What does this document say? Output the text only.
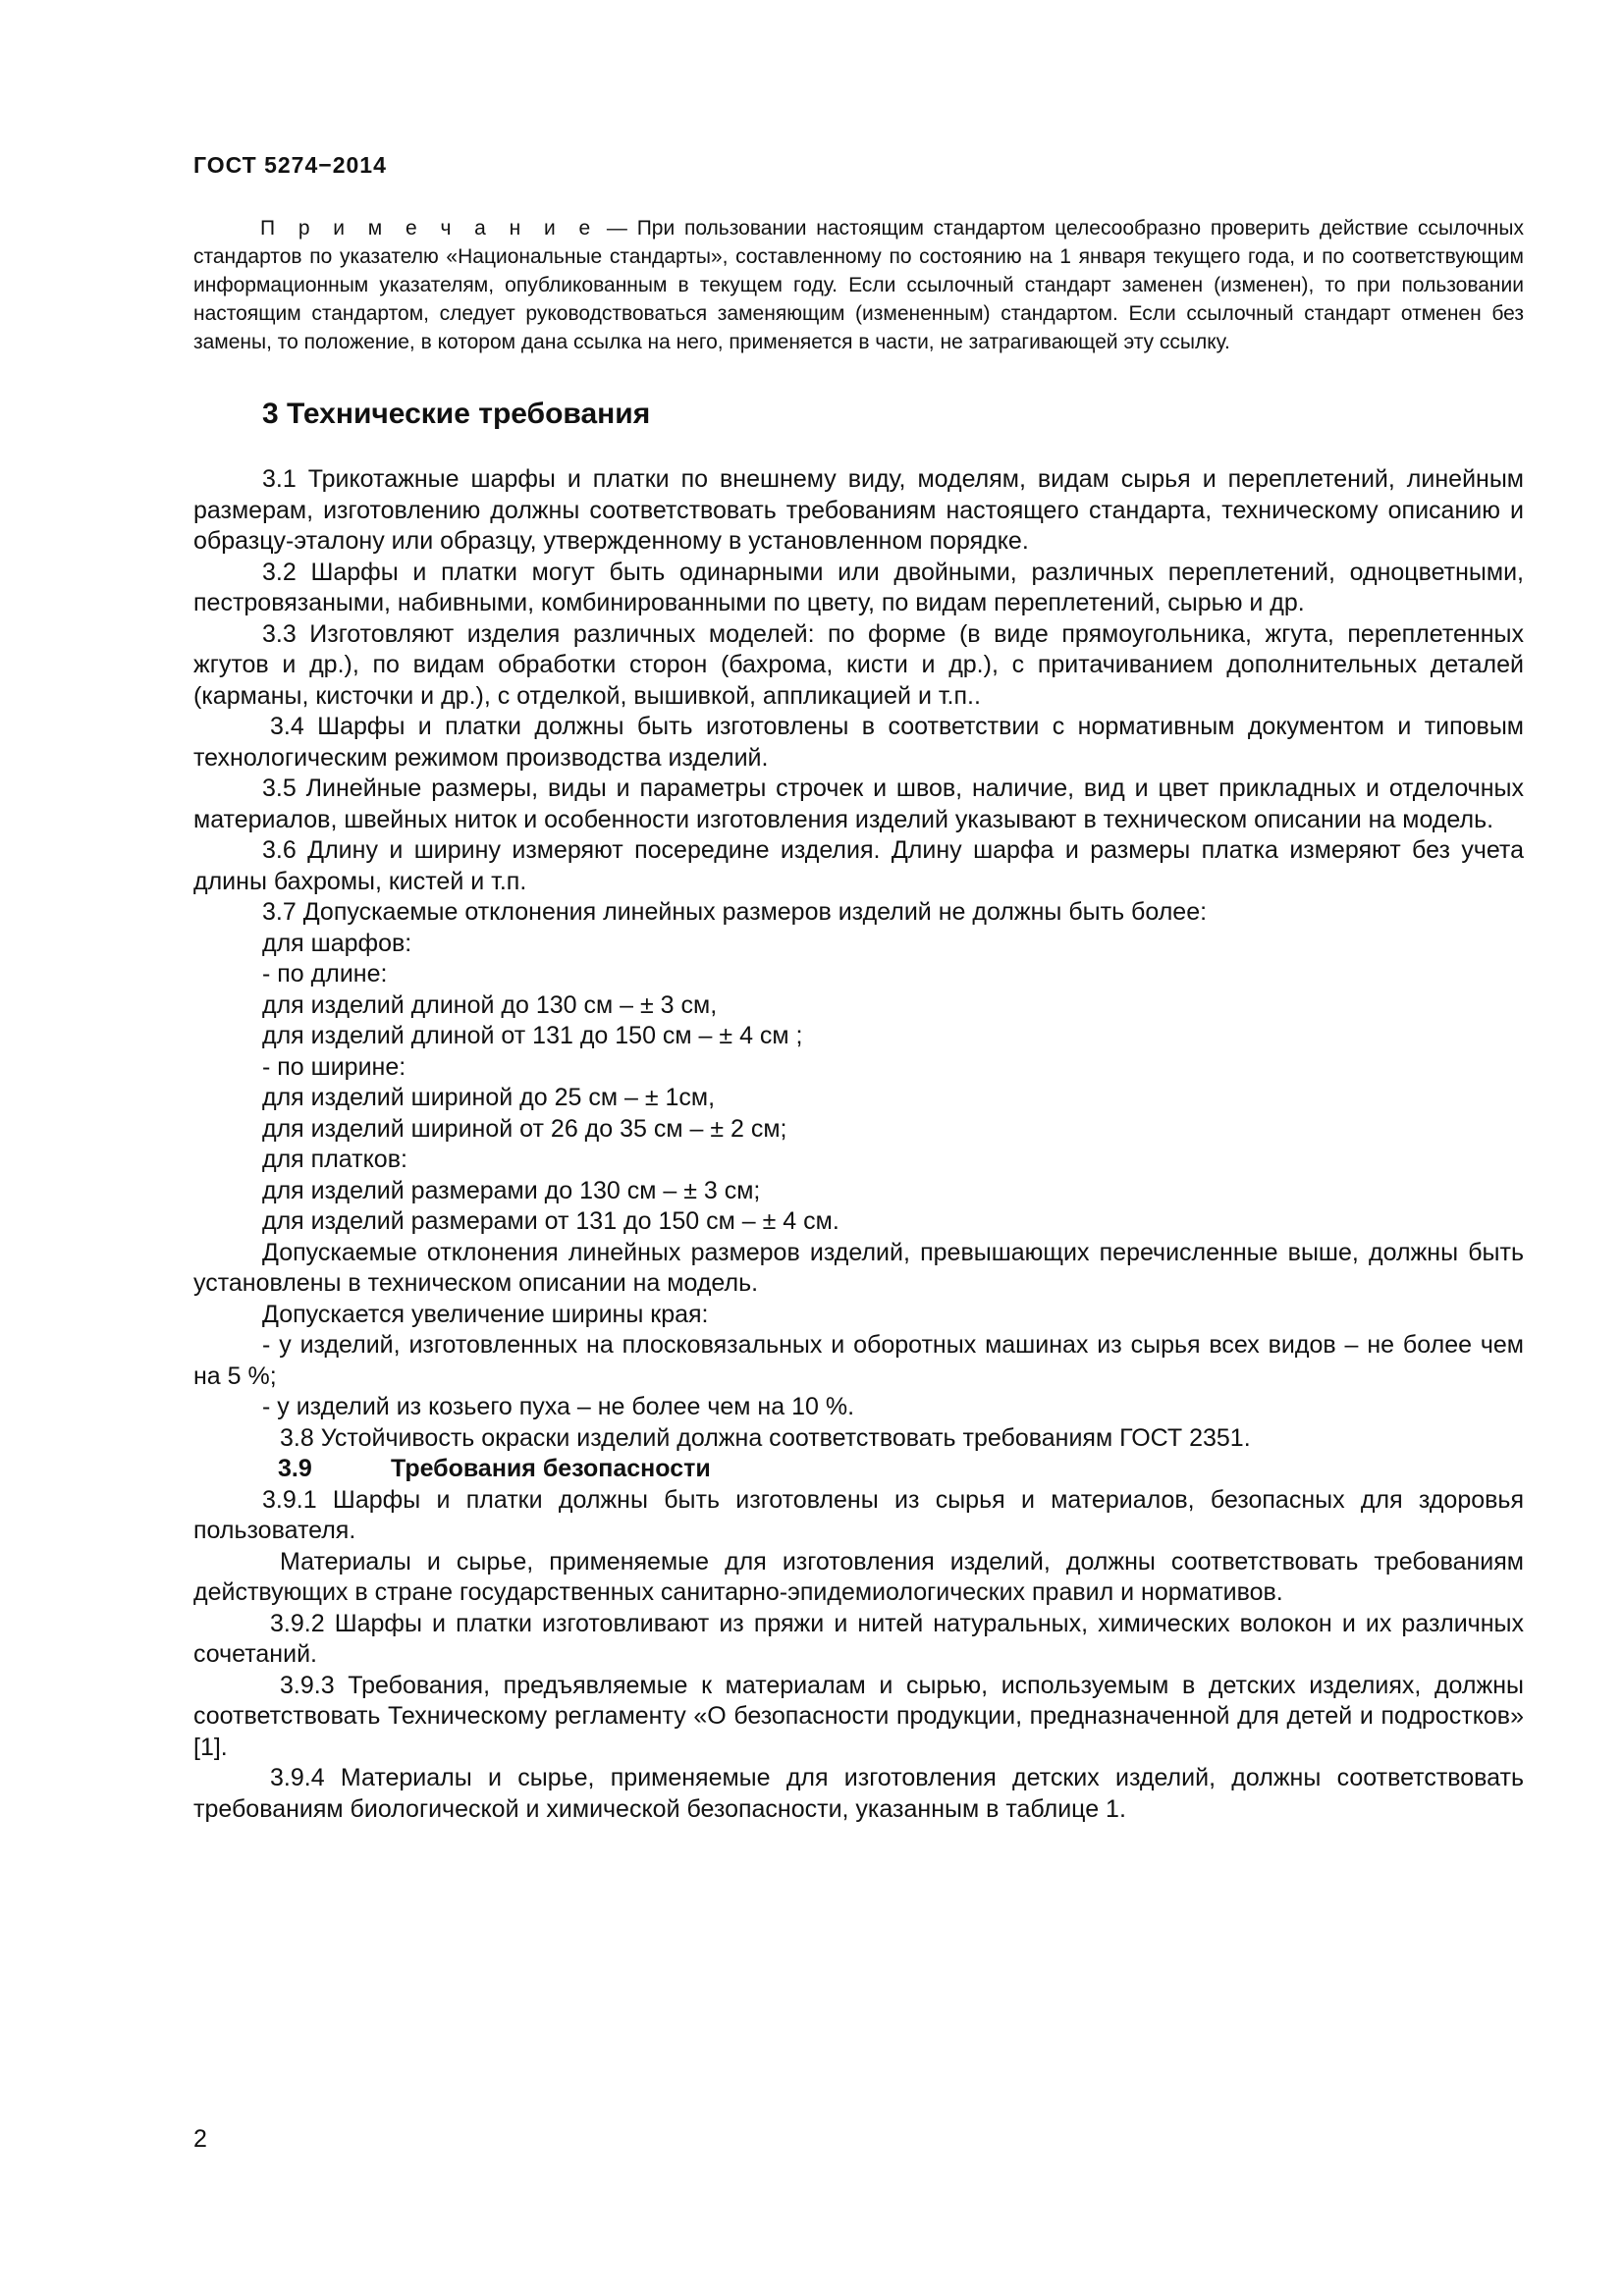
ГОСТ 5274−2014

П р и м е ч а н и е — При пользовании настоящим стандартом целесообразно проверить действие ссылочных стандартов по указателю «Национальные стандарты», составленному по состоянию на 1 января текущего года, и по соответствующим информационным указателям, опубликованным в текущем году. Если ссылочный стандарт заменен (изменен), то при пользовании настоящим стандартом, следует руководствоваться заменяющим (измененным) стандартом. Если ссылочный стандарт отменен без замены, то положение, в котором дана ссылка на него, применяется в части, не затрагивающей эту ссылку.

3 Технические требования

3.1 Трикотажные шарфы и платки по внешнему виду, моделям, видам сырья и переплетений, линейным размерам, изготовлению должны соответствовать требованиям настоящего стандарта, техническому описанию и образцу-эталону или образцу, утвержденному в установленном порядке.

3.2 Шарфы и платки могут быть одинарными или двойными, различных переплетений, одноцветными, пестровязаными, набивными, комбинированными по цвету, по видам переплетений, сырью и др.

3.3 Изготовляют изделия различных моделей: по форме (в виде прямоугольника, жгута, переплетенных жгутов и др.), по видам обработки сторон (бахрома, кисти и др.), с притачиванием дополнительных деталей (карманы, кисточки и др.), с отделкой, вышивкой, аппликацией и т.п..

3.4 Шарфы и платки должны быть изготовлены в соответствии с нормативным документом и типовым технологическим режимом производства изделий.

3.5 Линейные размеры, виды и параметры строчек и швов, наличие, вид и цвет прикладных и отделочных материалов, швейных ниток и особенности изготовления изделий указывают в техническом описании на модель.

3.6 Длину и ширину измеряют посередине изделия. Длину шарфа и размеры платка измеряют без учета длины бахромы, кистей и т.п.

3.7 Допускаемые отклонения линейных размеров изделий не должны быть более:

для шарфов:

- по длине:

для изделий длиной до 130 см – ± 3 см,

для изделий длиной от 131 до 150 см – ± 4 см ;

- по ширине:

для изделий шириной до 25 см – ± 1см,

для изделий шириной от 26 до 35 см – ± 2 см;

для платков:

для изделий размерами до 130 см – ± 3 см;

для изделий размерами от 131 до 150 см – ± 4 см.

Допускаемые отклонения линейных размеров изделий, превышающих перечисленные выше, должны быть установлены в техническом описании на модель.

Допускается увеличение ширины края:

- у изделий, изготовленных на плосковязальных и оборотных машинах из сырья всех видов – не более чем на 5 %;

- у изделий из козьего пуха – не более чем на 10 %.

3.8 Устойчивость окраски изделий должна соответствовать требованиям ГОСТ 2351.

3.9	Требования безопасности

3.9.1 Шарфы и платки должны быть изготовлены из сырья и материалов, безопасных для здоровья пользователя.

Материалы и сырье, применяемые для изготовления изделий, должны соответствовать требованиям действующих в стране государственных санитарно-эпидемиологических правил и нормативов.

3.9.2 Шарфы и платки изготовливают из пряжи и нитей натуральных, химических волокон и их различных сочетаний.

3.9.3 Требования, предъявляемые к материалам и сырью, используемым в детских изделиях, должны соответствовать Техническому регламенту «О безопасности продукции, предназначенной для детей и подростков» [1].

3.9.4 Материалы и сырье, применяемые для изготовления детских изделий, должны соответствовать требованиям биологической и химической безопасности, указанным в таблице 1.

2
